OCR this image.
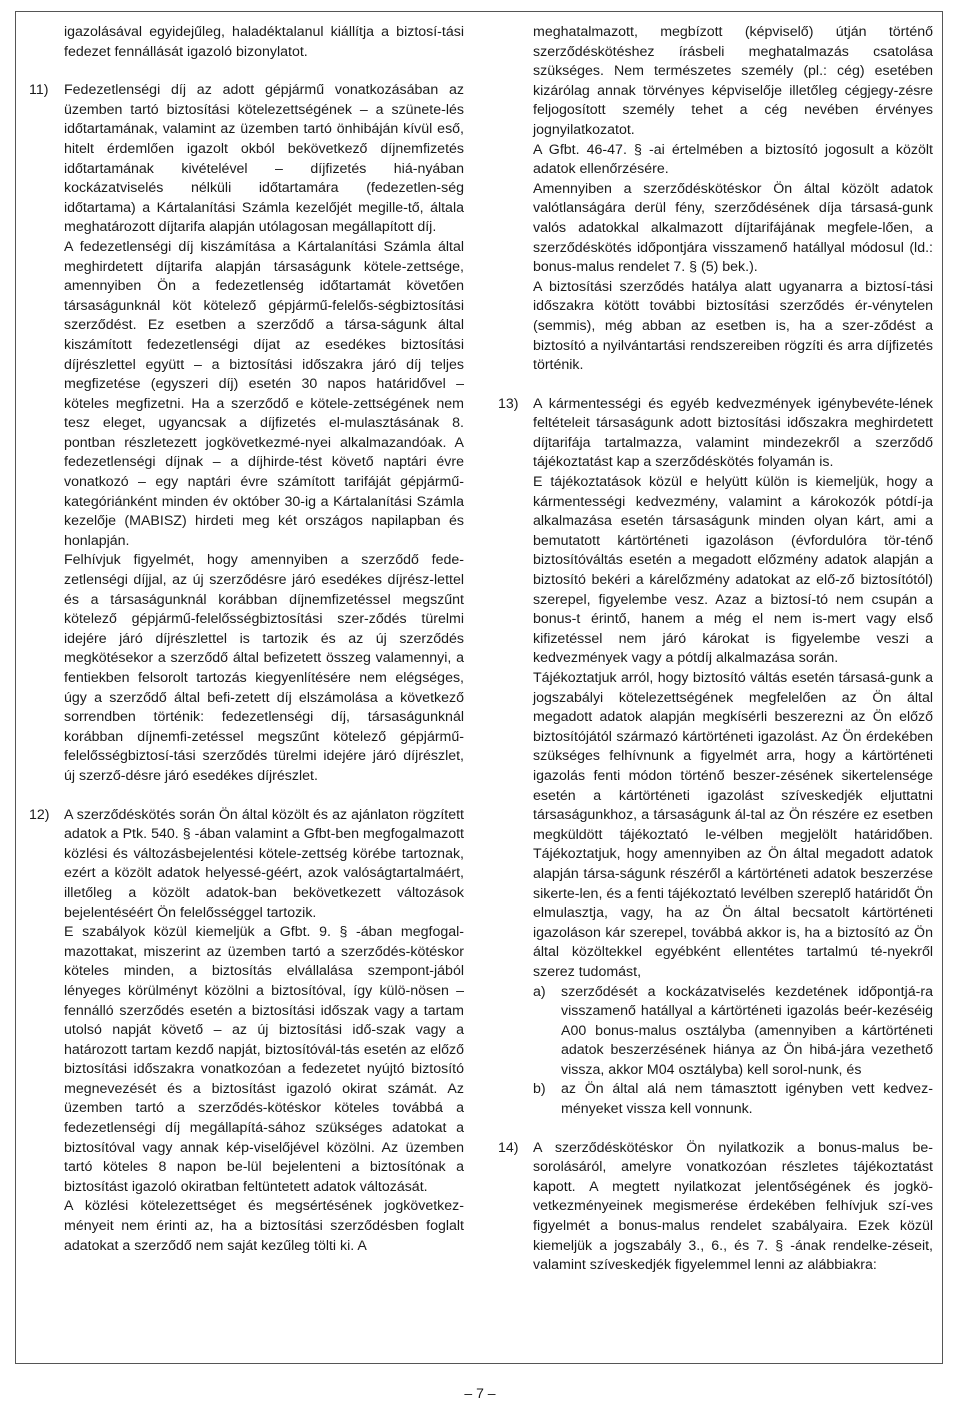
igazolásával egyidejűleg, haladéktalanul kiállítja a biztosí-tási fedezet fennállását igazoló bizonylatot.

11) Fedezetlenségi díj az adott gépjármű vonatkozásában az üzemben tartó biztosítási kötelezettségének – a szünete-lés időtartamának, valamint az üzemben tartó önhibáján kívül eső, hitelt érdemlően igazolt okból bekövetkező díjnemfizetés időtartamának kivételével – díjfizetés hiá-nyában kockázatviselés nélküli időtartamára (fedezetlen-ség időtartama) a Kártalanítási Számla kezelőjét megille-tő, általa meghatározott díjtarifa alapján utólagosan megállapított díj.

A fedezetlenségi díj kiszámítása a Kártalanítási Számla által meghirdetett díjtarifa alapján társaságunk kötele-zettsége, amennyiben Ön a fedezetlenség időtartamát követően társaságunknál köt kötelező gépjármű-felelős-ségbiztosítási szerződést. Ez esetben a szerződő a társa-ságunk által kiszámított fedezetlenségi díjat az esedékes biztosítási díjrészlettel együtt – a biztosítási időszakra járó díj teljes megfizetése (egyszeri díj) esetén 30 napos határidővel – köteles megfizetni. Ha a szerződő e kötele-zettségének nem tesz eleget, ugyancsak a díjfizetés el-mulasztásának 8. pontban részletezett jogkövetkezmé-nyei alkalmazandóak. A fedezetlenségi díjnak – a díjhirde-tést követő naptári évre vonatkozó – egy naptári évre számított tarifáját gépjármű-kategóriánként minden év október 30-ig a Kártalanítási Számla kezelője (MABISZ) hirdeti meg két országos napilapban és honlapján.

Felhívjuk figyelmét, hogy amennyiben a szerződő fede-zetlenségi díjjal, az új szerződésre járó esedékes díjrész-lettel és a társaságunknál korábban díjnemfizetéssel megszűnt kötelező gépjármű-felelősségbiztosítási szer-ződés türelmi idejére járó díjrészlettel is tartozik és az új szerződés megkötésekor a szerződő által befizetett összeg valamennyi, a fentiekben felsorolt tartozás kiegyenlítésére nem elégséges, úgy a szerződő által befi-zetett díj elszámolása a következő sorrendben történik: fedezetlenségi díj, társaságunknál korábban díjnemfi-zetéssel megszűnt kötelező gépjármű-felelősségbiztosí-tási szerződés türelmi idejére járó díjrészlet, új szerző-désre járó esedékes díjrészlet.

12) A szerződéskötés során Ön által közölt és az ajánlaton rögzített adatok a Ptk. 540. § -ában valamint a Gfbt-ben megfogalmazott közlési és változásbejelentési kötele-zettség körébe tartoznak, ezért a közölt adatok helyessé-géért, azok valóságtartalmáért, illetőleg a közölt adatok-ban bekövetkezett változások bejelentéséért Ön felelősséggel tartozik.

E szabályok közül kiemeljük a Gfbt. 9. § -ában megfogal-mazottakat, miszerint az üzemben tartó a szerződés-kötéskor köteles minden, a biztosítás elvállalása szempont-jából lényeges körülményt közölni a biztosítóval, így külö-nösen – fennálló szerződés esetén a biztosítási időszak vagy a tartam utolsó napját követő – az új biztosítási idő-szak vagy a határozott tartam kezdő napját, biztosítóvál-tás esetén az előző biztosítási időszakra vonatkozóan a fedezetet nyújtó biztosító megnevezését és a biztosítást igazoló okirat számát. Az üzemben tartó a szerződés-kötéskor köteles továbbá a fedezetlenségi díj megállapítá-sához szükséges adatokat a biztosítóval vagy annak kép-viselőjével közölni. Az üzemben tartó köteles 8 napon be-lül bejelenteni a biztosítónak a biztosítást igazoló okiratban feltüntetett adatok változását.

A közlési kötelezettséget és megsértésének jogkövetkez-ményeit nem érinti az, ha a biztosítási szerződésben foglalt adatokat a szerződő nem saját kezűleg tölti ki. A

meghatalmazott, megbízott (képviselő) útján történő szerződéskötéshez írásbeli meghatalmazás csatolása szükséges. Nem természetes személy (pl.: cég) esetében kizárólag annak törvényes képviselője illetőleg cégjegy-zésre feljogosított személy tehet a cég nevében érvényes jognyilatkozatot.

A Gfbt. 46-47. § -ai értelmében a biztosító jogosult a közölt adatok ellenőrzésére.

Amennyiben a szerződéskötéskor Ön által közölt adatok valótlanságára derül fény, szerződésének díja társasá-gunk valós adatokkal alkalmazott díjtarifájának megfele-lően, a szerződéskötés időpontjára visszamenő hatállyal módosul (ld.: bonus-malus rendelet 7. § (5) bek.).

A biztosítási szerződés hatálya alatt ugyanarra a biztosí-tási időszakra kötött további biztosítási szerződés ér-vénytelen (semmis), még abban az esetben is, ha a szer-ződést a biztosító a nyilvántartási rendszereiben rögzíti és arra díjfizetés történik.

13) A kármentességi és egyéb kedvezmények igénybevéte-lének feltételeit társaságunk adott biztosítási időszakra meghirdetett díjtarifája tartalmazza, valamint mindezekről a szerződő tájékoztatást kap a szerződéskötés folyamán is.

E tájékoztatások közül e helyütt külön is kiemeljük, hogy a kármentességi kedvezmény, valamint a károkozók pótdí-ja alkalmazása esetén társaságunk minden olyan kárt, ami a bemutatott kártörténeti igazoláson (évfordulóra tör-ténő biztosítóváltás esetén a megadott előzmény adatok alapján a biztosító bekéri a kárelőzmény adatokat az elő-ző biztosítótól) szerepel, figyelembe vesz. Azaz a biztosí-tó nem csupán a bonus-t érintő, hanem a még el nem is-mert vagy első kifizetéssel nem járó károkat is figyelembe veszi a kedvezmények vagy a pótdíj alkalmazása során.

Tájékoztatjuk arról, hogy biztosító váltás esetén társasá-gunk a jogszabályi kötelezettségének megfelelően az Ön által megadott adatok alapján megkísérli beszerezni az Ön előző biztosítójától származó kártörténeti igazolást. Az Ön érdekében szükséges felhívnunk a figyelmét arra, hogy a kártörténeti igazolás fenti módon történő beszer-zésének sikertelensége esetén a kártörténeti igazolást szíveskedjék eljuttatni társaságunkhoz, a társaságunk ál-tal az Ön részére ez esetben megküldött tájékoztató le-vélben megjelölt határidőben. Tájékoztatjuk, hogy amennyiben az Ön által megadott adatok alapján társa-ságunk részéről a kártörténeti adatok beszerzése sikerte-len, és a fenti tájékoztató levélben szereplő határidőt Ön elmulasztja, vagy, ha az Ön által becsatolt kártörténeti igazoláson kár szerepel, továbbá akkor is, ha a biztosító az Ön által közöltekkel egyébként ellentétes tartalmú té-nyekről szerez tudomást,

a) szerződését a kockázatviselés kezdetének időpontjá-ra visszamenő hatállyal a kártörténeti igazolás beér-kezéséig A00 bonus-malus osztályba (amennyiben a kártörténeti adatok beszerzésének hiánya az Ön hibá-jára vezethető vissza, akkor M04 osztályba) kell sorol-nunk, és

b) az Ön által alá nem támasztott igényben vett kedvez-ményeket vissza kell vonnunk.

14) A szerződéskötéskor Ön nyilatkozik a bonus-malus be-sorolásáról, amelyre vonatkozóan részletes tájékoztatást kapott. A megtett nyilatkozat jelentőségének és jogkö-vetkezményeinek megismerése érdekében felhívjuk szí-ves figyelmét a bonus-malus rendelet szabályaira. Ezek közül kiemeljük a jogszabály 3., 6., és 7. § -ának rendelke-zéseit, valamint szíveskedjék figyelemmel lenni az alábbiakra:

– 7 –
